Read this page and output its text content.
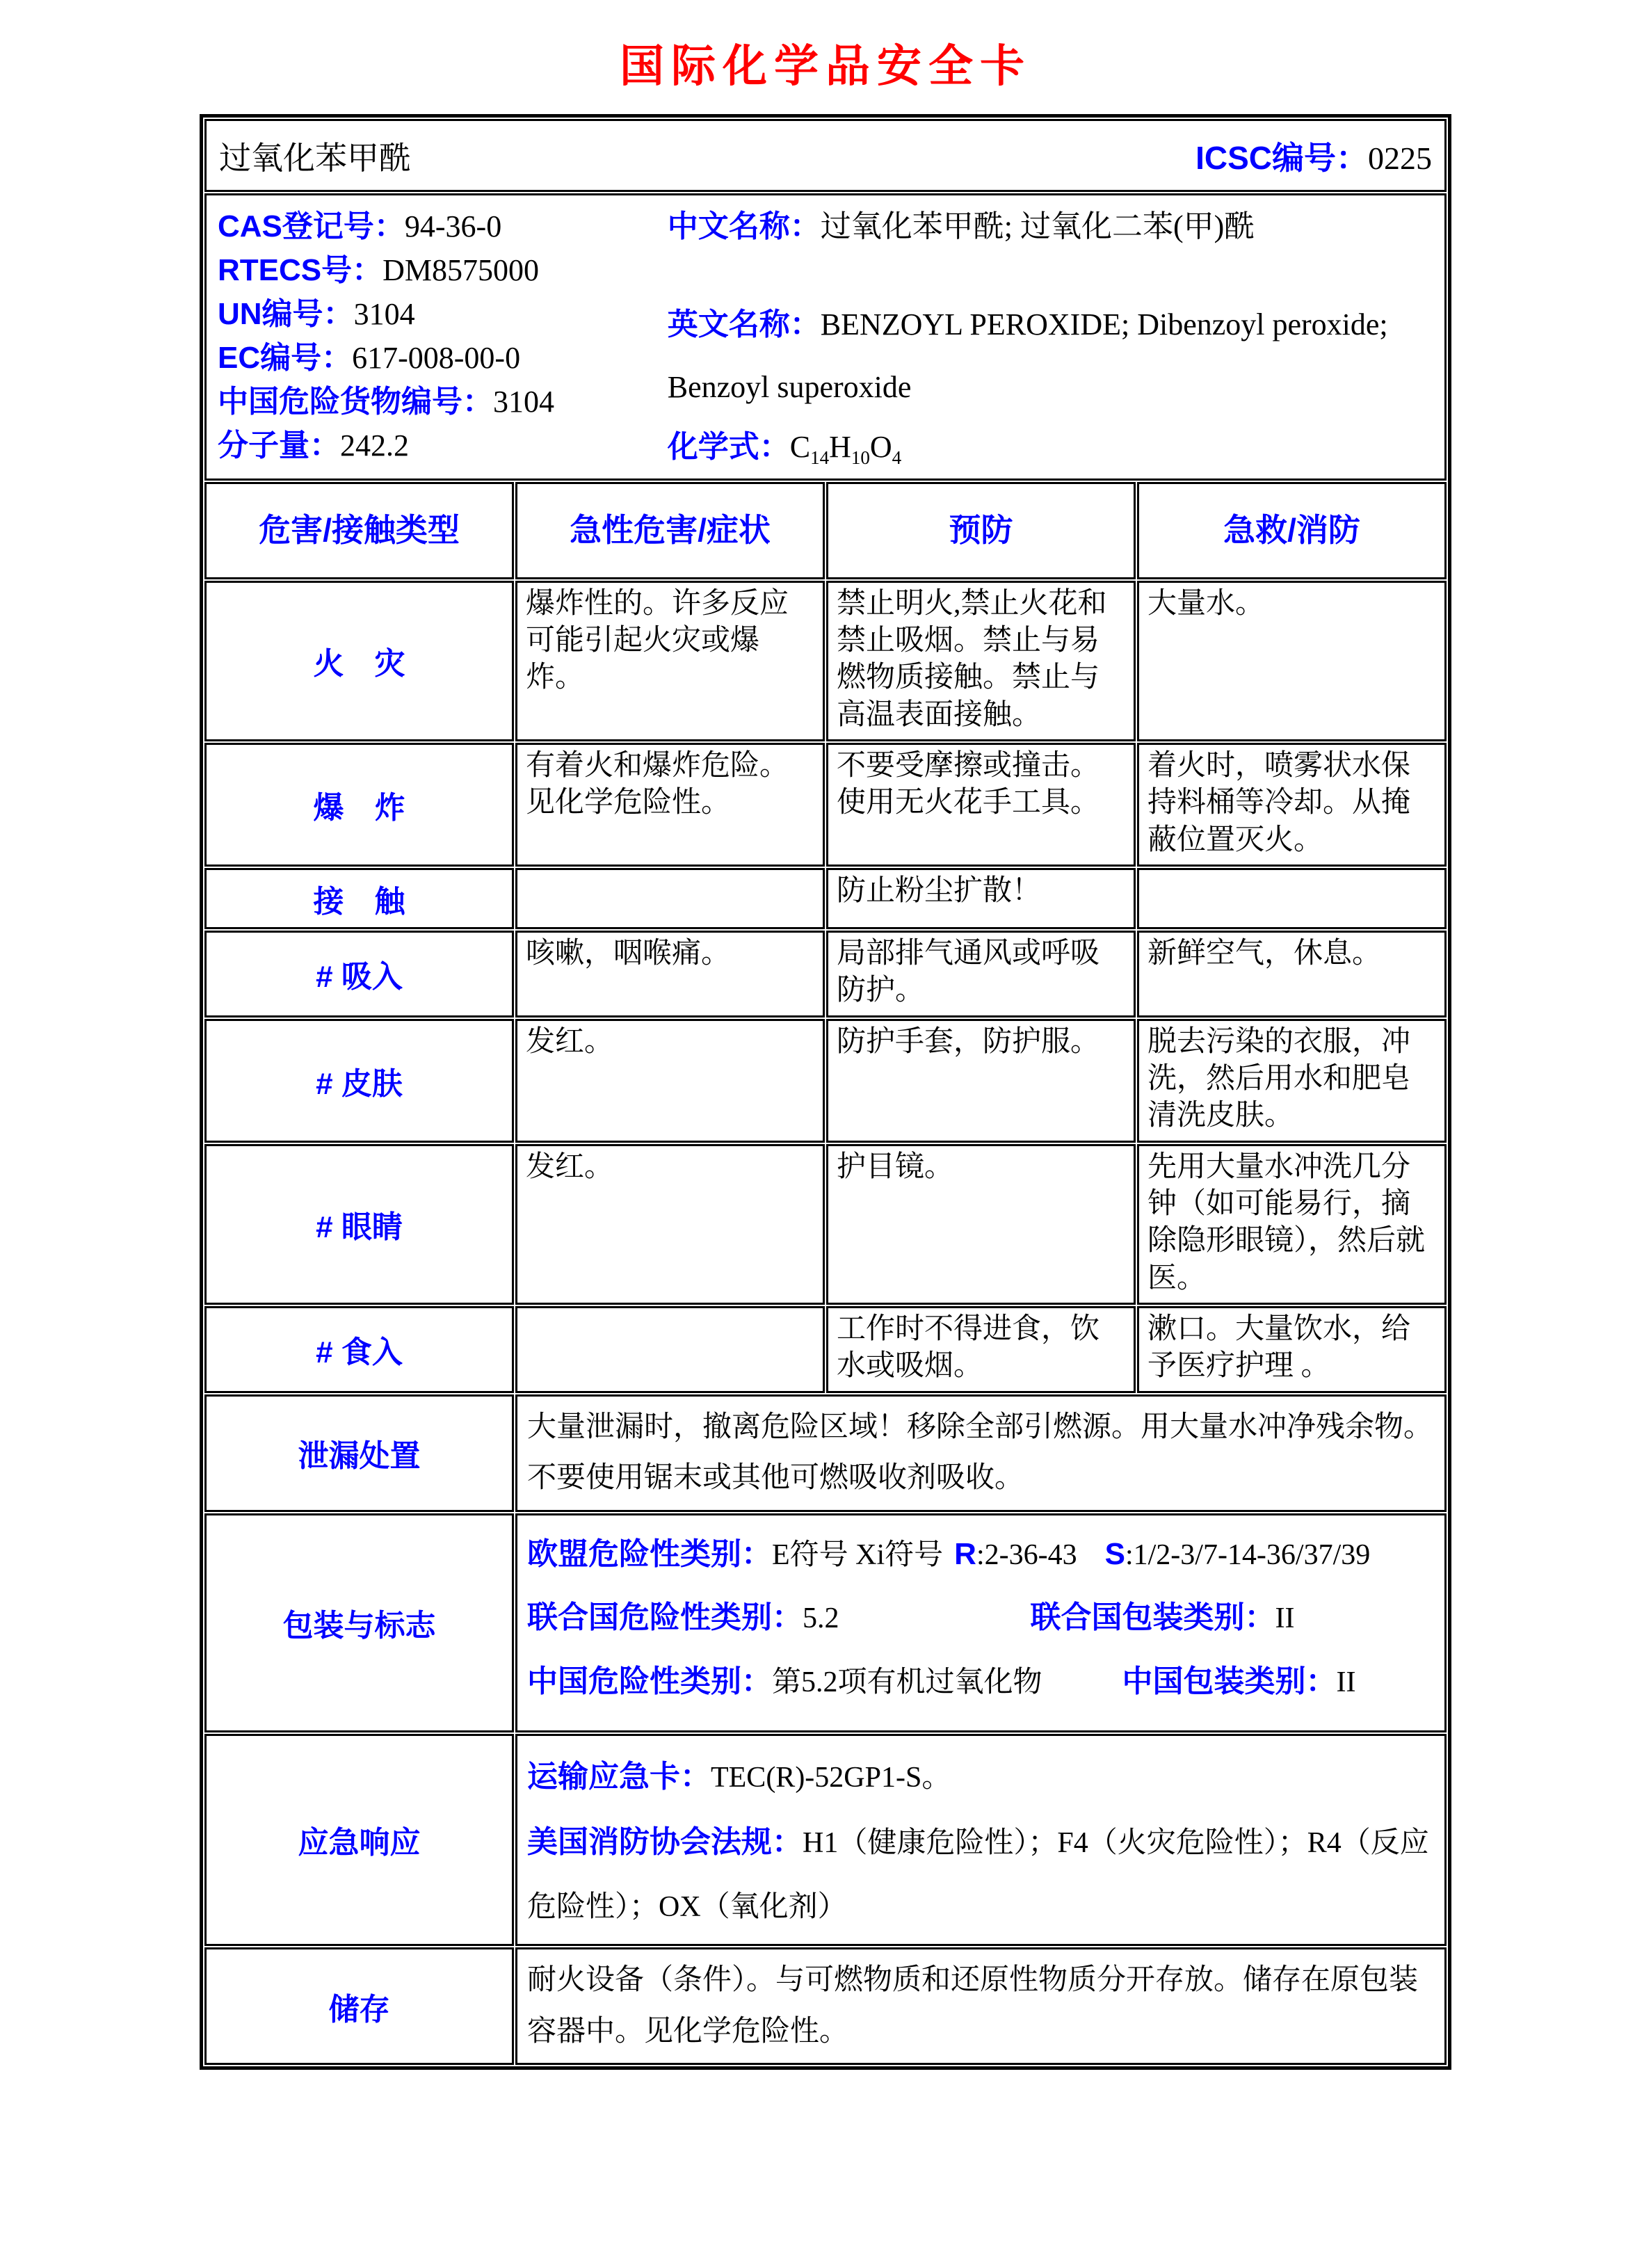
国际化学品安全卡
过氧化苯甲酰 ICSC编号：0225			

CAS登记号：94-36-0
RTECS号：DM8575000
UN编号：3104
EC编号：617-008-00-0
中国危险货物编号：3104
分子量：242.2
中文名称：过氧化苯甲酰; 过氧化二苯(甲)酰
英文名称：BENZOYL PEROXIDE; Dibenzoyl peroxide; Benzoyl superoxide
化学式：$C_{14}H_{10}O_4$

危害/接触类型	急性危害/症状	预防	急救/消防
火　灾	爆炸性的。许多反应可能引起火灾或爆炸。	禁止明火,禁止火花和禁止吸烟。禁止与易燃物质接触。禁止与高温表面接触。	大量水。
爆　炸	有着火和爆炸危险。见化学危险性。	不要受摩擦或撞击。使用无火花手工具。	着火时，喷雾状水保持料桶等冷却。从掩蔽位置灭火。
接　触		防止粉尘扩散！	
# 吸入	咳嗽，咽喉痛。	局部排气通风或呼吸防护。	新鲜空气，休息。
# 皮肤	发红。	防护手套，防护服。	脱去污染的衣服，冲洗，然后用水和肥皂清洗皮肤。
# 眼睛	发红。	护目镜。	先用大量水冲洗几分钟（如可能易行，摘除隐形眼镜），然后就医。
# 食入		工作时不得进食，饮水或吸烟。	漱口。大量饮水，给予医疗护理 。
泄漏处置	大量泄漏时，撤离危险区域！移除全部引燃源。用大量水冲净残余物。不要使用锯末或其他可燃吸收剂吸收。		
包装与标志	欧盟危险性类别：E符号 Xi符号 R:2-36-43 S:1/2-3/7-14-36/37/39
联合国危险性类别：5.2 联合国包装类别：II
中国危险性类别：第5.2项有机过氧化物 中国包装类别：II		

应急响应	运输应急卡：TEC(R)-52GP1-S。
美国消防协会法规：H1（健康危险性）；F4（火灾危险性）；R4（反应危险性）；OX（氧化剂）		

储存	耐火设备（条件）。与可燃物质和还原性物质分开存放。储存在原包装容器中。见化学危险性。		
